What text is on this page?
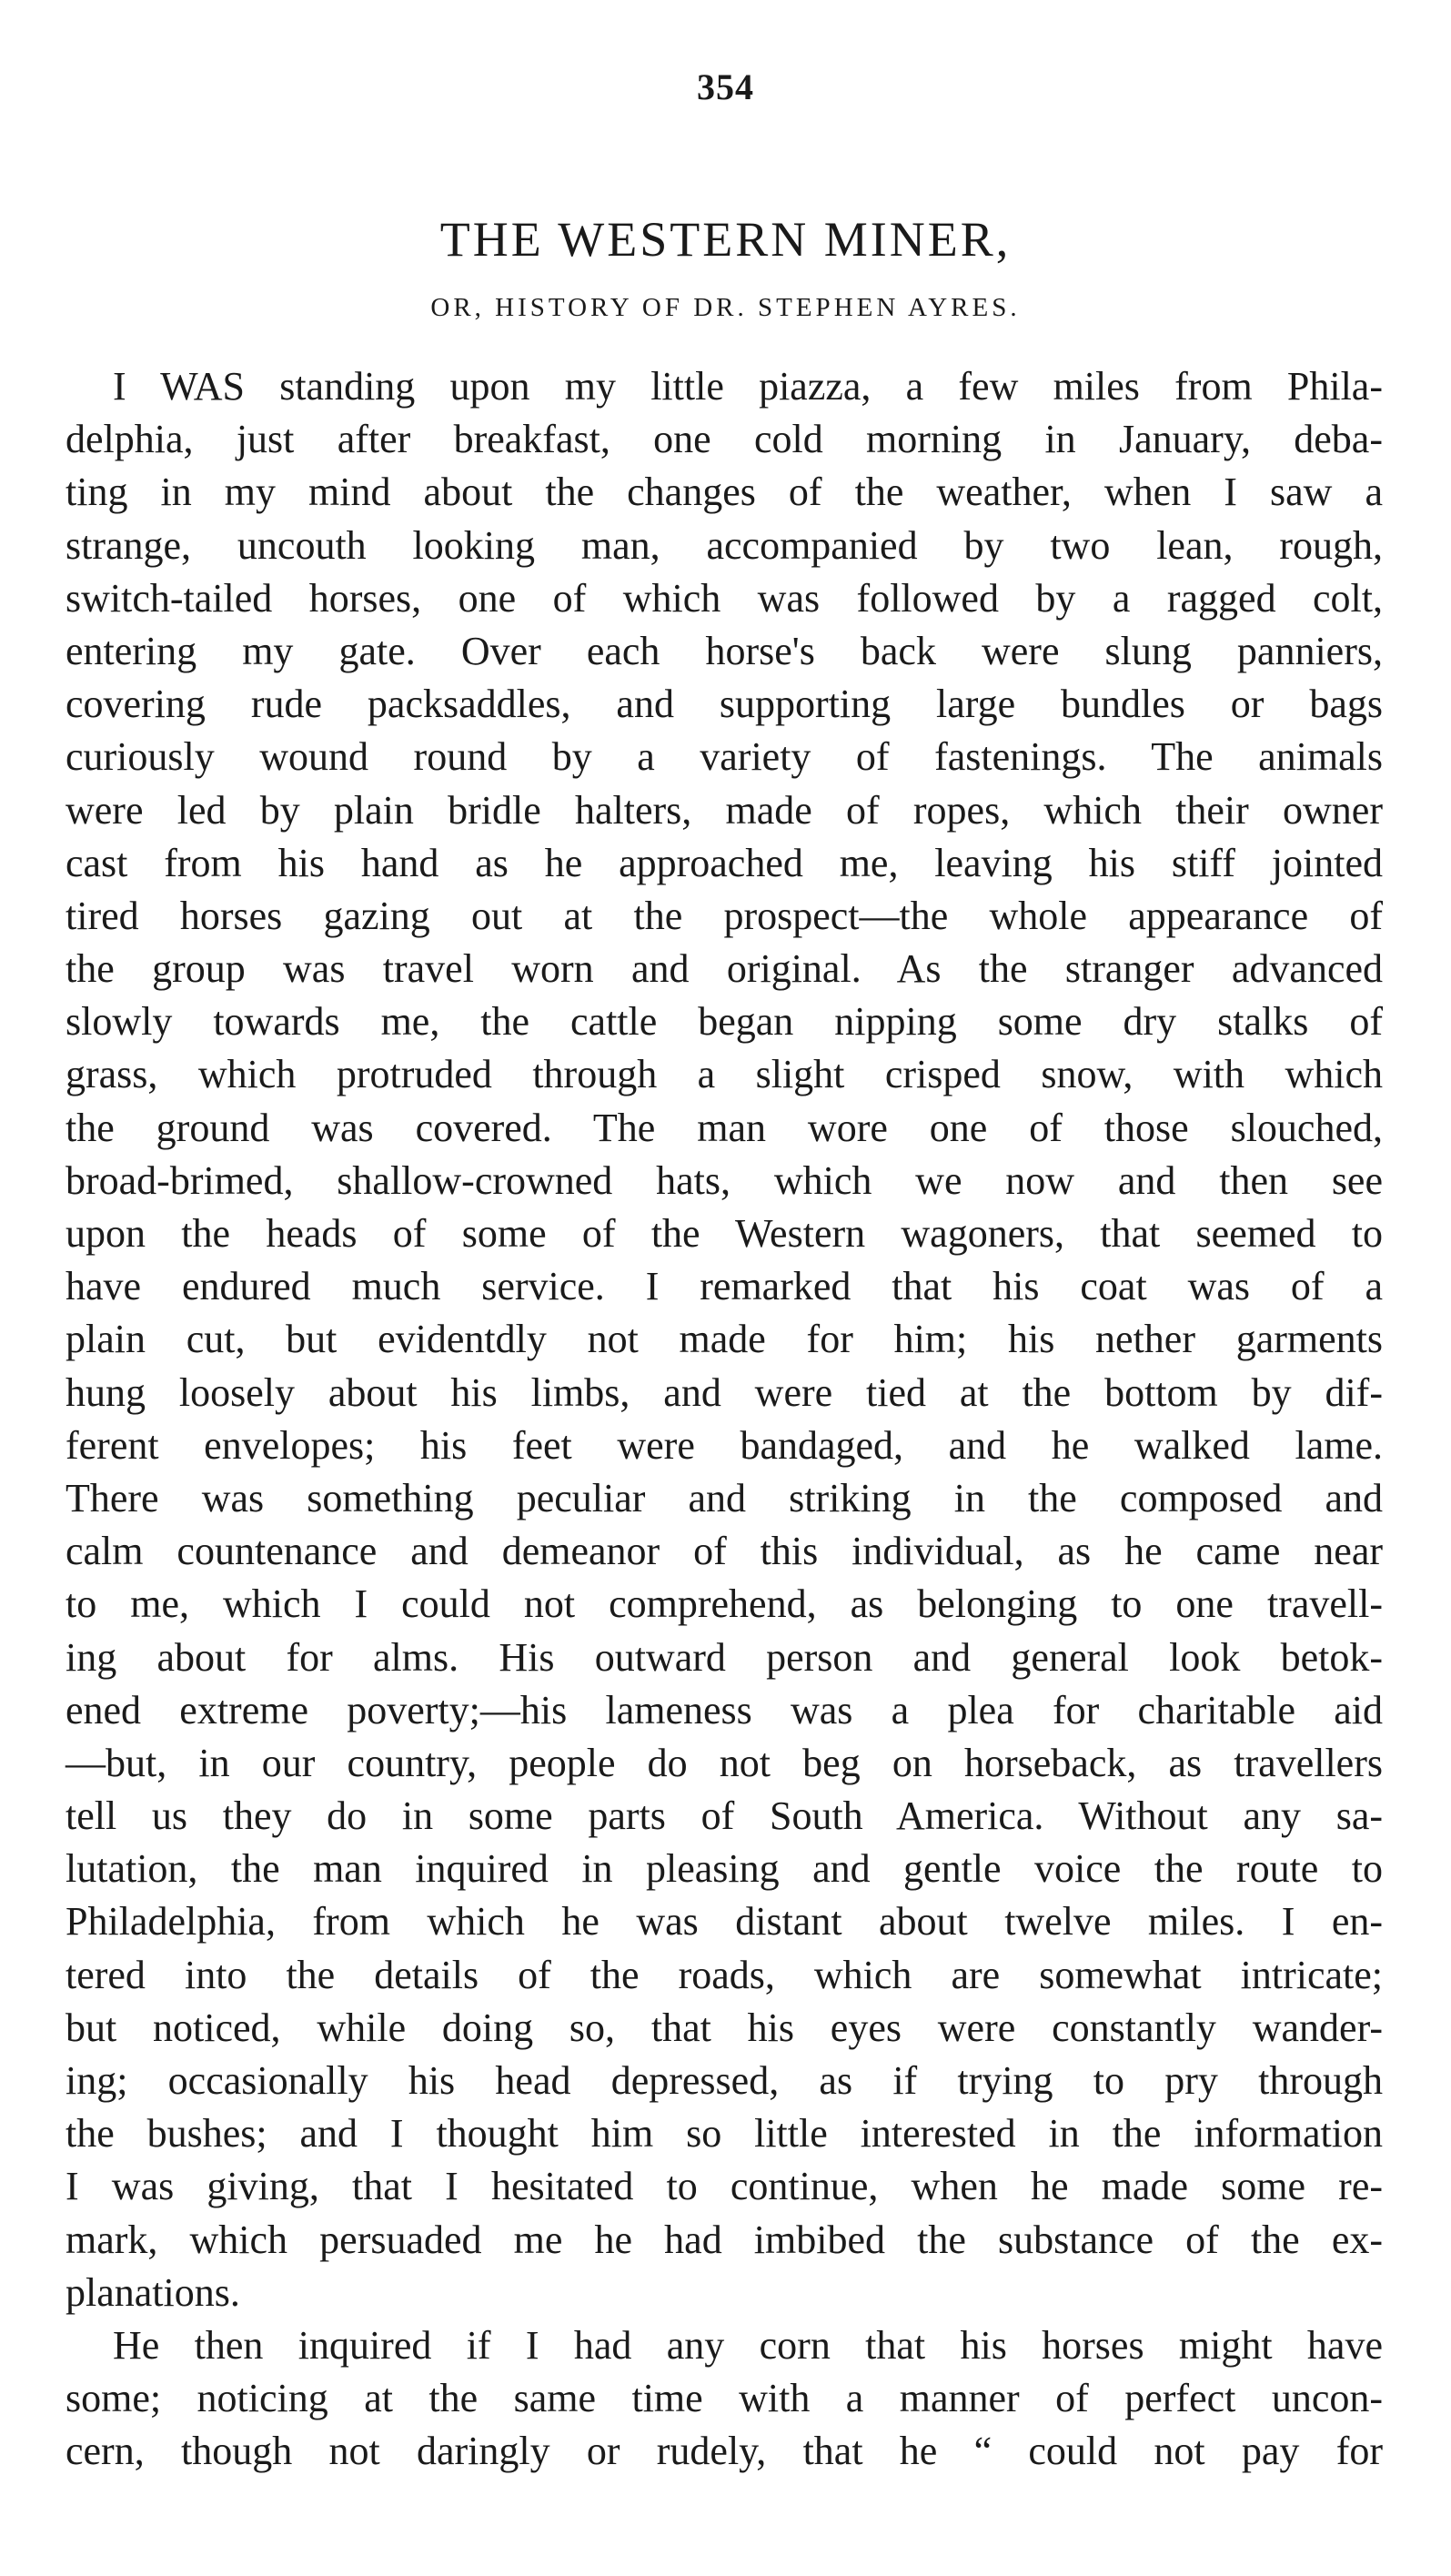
354
THE WESTERN MINER,
OR, HISTORY OF DR. STEPHEN AYRES.
I WAS standing upon my little piazza, a few miles from Phila-
delphia, just after breakfast, one cold morning in January, deba-
ting in my mind about the changes of the weather, when I saw a
strange, uncouth looking man, accompanied by two lean, rough,
switch-tailed horses, one of which was followed by a ragged colt,
entering my gate. Over each horse's back were slung panniers,
covering rude packsaddles, and supporting large bundles or bags
curiously wound round by a variety of fastenings. The animals
were led by plain bridle halters, made of ropes, which their owner
cast from his hand as he approached me, leaving his stiff jointed
tired horses gazing out at the prospect—the whole appearance of
the group was travel worn and original. As the stranger advanced
slowly towards me, the cattle began nipping some dry stalks of
grass, which protruded through a slight crisped snow, with which
the ground was covered. The man wore one of those slouched,
broad-brimed, shallow-crowned hats, which we now and then see
upon the heads of some of the Western wagoners, that seemed to
have endured much service. I remarked that his coat was of a
plain cut, but evidentdly not made for him; his nether garments
hung loosely about his limbs, and were tied at the bottom by dif-
ferent envelopes; his feet were bandaged, and he walked lame.
There was something peculiar and striking in the composed and
calm countenance and demeanor of this individual, as he came near
to me, which I could not comprehend, as belonging to one travell-
ing about for alms. His outward person and general look betok-
ened extreme poverty;—his lameness was a plea for charitable aid
—but, in our country, people do not beg on horseback, as travellers
tell us they do in some parts of South America. Without any sa-
lutation, the man inquired in pleasing and gentle voice the route to
Philadelphia, from which he was distant about twelve miles. I en-
tered into the details of the roads, which are somewhat intricate;
but noticed, while doing so, that his eyes were constantly wander-
ing; occasionally his head depressed, as if trying to pry through
the bushes; and I thought him so little interested in the information
I was giving, that I hesitated to continue, when he made some re-
mark, which persuaded me he had imbibed the substance of the ex-
planations.
He then inquired if I had any corn that his horses might have
some; noticing at the same time with a manner of perfect uncon-
cern, though not daringly or rudely, that he “ could not pay for
